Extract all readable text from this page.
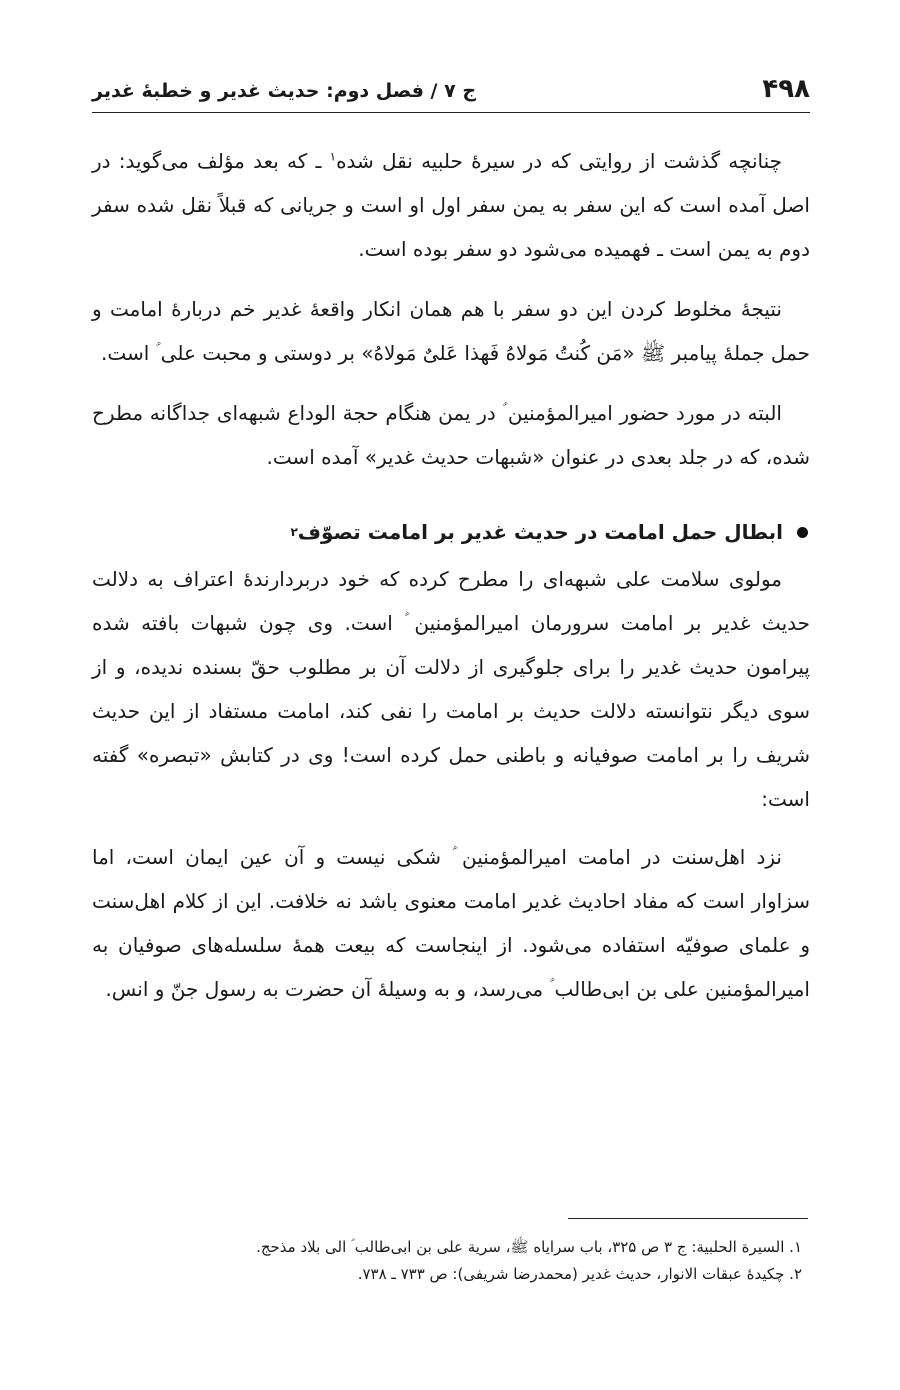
۴۹۸
ج ۷ / فصل دوم: حدیث غدیر و خطبهٔ غدیر

چنانچه گذشت از روایتی که در سیرهٔ حلبیه نقل شده$^۱$ ـ که بعد مؤلف می‌گوید: در اصل آمده است که این سفر به یمن سفر اول او است و جریانی که قبلاً نقل شده سفر دوم به یمن است ـ فهمیده می‌شود دو سفر بوده است.

نتیجهٔ مخلوط کردن این دو سفر با هم همان انکار واقعهٔ غدیر خم دربارهٔ امامت و حمل جملهٔ پیامبر ﷺ «مَن کُنتُ مَولاهُ فَهذا عَلیٌ مَولاهُ» بر دوستی و محبت علی ؑ است.

البته در مورد حضور امیرالمؤمنین ؑ در یمن هنگام حجة الوداع شبهه‌ای جداگانه مطرح شده، که در جلد بعدی در عنوان «شبهات حدیث غدیر» آمده است.

ابطال حمل امامت در حدیث غدیر بر امامت تصوّف
۲

مولوی سلامت علی شبهه‌ای را مطرح کرده که خود دربردارندهٔ اعتراف به دلالت حدیث غدیر بر امامت سرورمان امیرالمؤمنین ؑ است. وی چون شبهات بافته شده پیرامون حدیث غدیر را برای جلوگیری از دلالت آن بر مطلوب حقّ بسنده ندیده، و از سوی دیگر نتوانسته دلالت حدیث بر امامت را نفی کند، امامت مستفاد از این حدیث شریف را بر امامت صوفیانه و باطنی حمل کرده است! وی در کتابش «تبصره» گفته است:

نزد اهل‌سنت در امامت امیرالمؤمنین ؑ شکی نیست و آن عین ایمان است، اما سزاوار است که مفاد احادیث غدیر امامت معنوی باشد نه خلافت. این از کلام اهل‌سنت و علمای صوفیّه استفاده می‌شود. از اینجاست که بیعت همهٔ سلسله‌های صوفیان به امیرالمؤمنین علی بن ابی‌طالب ؑ می‌رسد، و به وسیلهٔ آن حضرت به رسول جنّ و انس.

۱. السیرة الحلبیة: ج ۳ ص ۳۲۵، باب سرایاه ﷺ، سریة علی بن ابی‌طالب ؑ الی بلاد مذحج.

۲. چکیدهٔ عبقات الانوار، حدیث غدیر (محمدرضا شریفی): ص ۷۳۳ ـ ۷۳۸.
